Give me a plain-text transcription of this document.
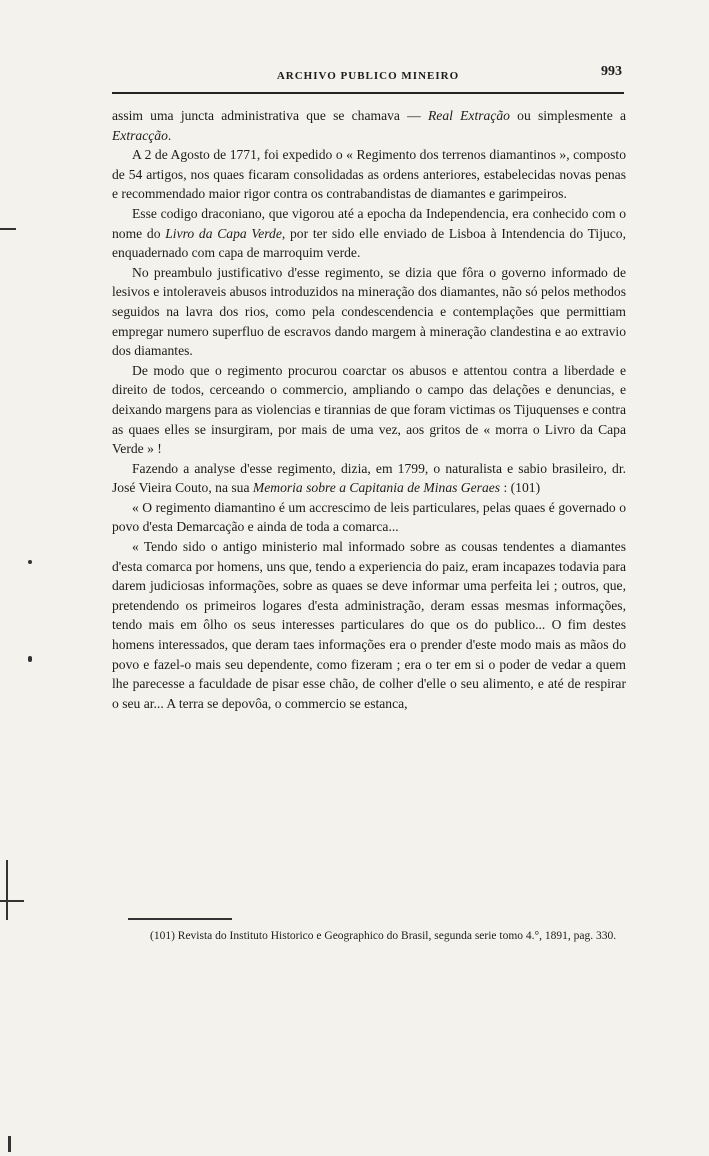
ARCHIVO PUBLICO MINEIRO	993

assim uma juncta administrativa que se chamava — Real Extração ou simplesmente a Extracção.

A 2 de Agosto de 1771, foi expedido o « Regimento dos terrenos diamantinos », composto de 54 artigos, nos quaes ficaram consolidadas as ordens anteriores, estabelecidas novas penas e recommendado maior rigor contra os contrabandistas de diamantes e garimpeiros.

Esse codigo draconiano, que vigorou até a epocha da Independencia, era conhecido com o nome do Livro da Capa Verde, por ter sido elle enviado de Lisboa à Intendencia do Tijuco, enquadernado com capa de marroquim verde.

No preambulo justificativo d'esse regimento, se dizia que fôra o governo informado de lesivos e intoleraveis abusos introduzidos na mineração dos diamantes, não só pelos methodos seguidos na lavra dos rios, como pela condescendencia e contemplações que permittiam empregar numero superfluo de escravos dando margem à mineração clandestina e ao extravio dos diamantes.

De modo que o regimento procurou coarctar os abusos e attentou contra a liberdade e direito de todos, cerceando o commercio, ampliando o campo das delações e denuncias, e deixando margens para as violencias e tirannias de que foram victimas os Tijuquenses e contra as quaes elles se insurgiram, por mais de uma vez, aos gritos de « morra o Livro da Capa Verde » !

Fazendo a analyse d'esse regimento, dizia, em 1799, o naturalista e sabio brasileiro, dr. José Vieira Couto, na sua Memoria sobre a Capitania de Minas Geraes : (101)

« O regimento diamantino é um accrescimo de leis particulares, pelas quaes é governado o povo d'esta Demarcação e ainda de toda a comarca...

« Tendo sido o antigo ministerio mal informado sobre as cousas tendentes a diamantes d'esta comarca por homens, uns que, tendo a experiencia do paiz, eram incapazes todavia para darem judiciosas informações, sobre as quaes se deve informar uma perfeita lei ; outros, que, pretendendo os primeiros logares d'esta administração, deram essas mesmas informações, tendo mais em ôlho os seus interesses particulares do que os do publico... O fim destes homens interessados, que deram taes informações era o prender d'este modo mais as mãos do povo e fazel-o mais seu dependente, como fizeram ; era o ter em si o poder de vedar a quem lhe parecesse a faculdade de pisar esse chão, de colher d'elle o seu alimento, e até de respirar o seu ar... A terra se depovôa, o commercio se estanca,

(101) Revista do Instituto Historico e Geographico do Brasil, segunda serie tomo 4.°, 1891, pag. 330.
